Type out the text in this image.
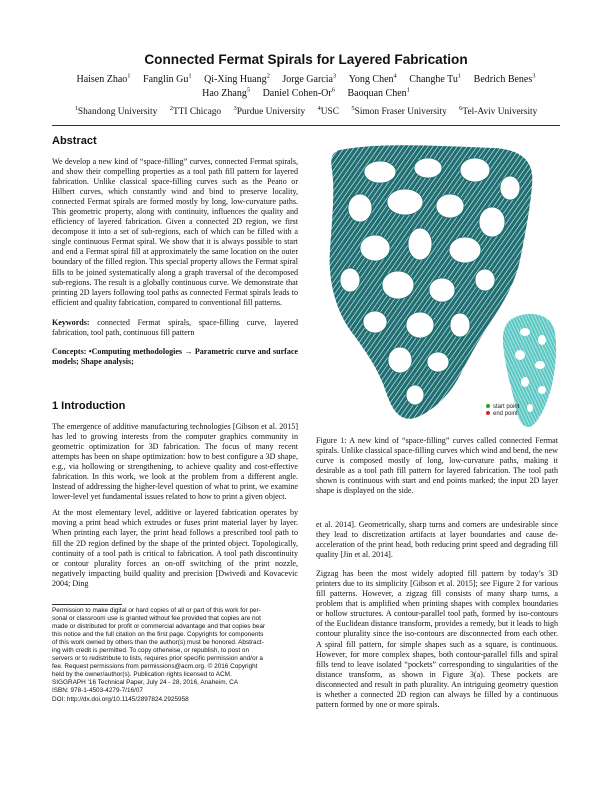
Connected Fermat Spirals for Layered Fabrication
Haisen Zhao$^1$ Fanglin Gu$^1$ Qi-Xing Huang$^2$ Jorge Garcia$^3$ Yong Chen$^4$ Changhe Tu$^1$ Bedrich Benes$^3$ Hao Zhang$^5$ Daniel Cohen-Or$^6$ Baoquan Chen$^1$
$^1$Shandong University $^2$TTI Chicago $^3$Purdue University $^4$USC $^5$Simon Fraser University $^6$Tel-Aviv University
Abstract
We develop a new kind of “space-filling” curves, connected Fermat spirals, and show their compelling properties as a tool path fill pattern for layered fabrication. Unlike classical space-filling curves such as the Peano or Hilbert curves, which constantly wind and bind to preserve locality, connected Fermat spirals are formed mostly by long, low-curvature paths. This geometric property, along with continuity, influences the quality and efficiency of layered fabrication. Given a connected 2D region, we first decompose it into a set of sub-regions, each of which can be filled with a single continuous Fermat spiral. We show that it is always possible to start and end a Fermat spiral fill at approximately the same location on the outer boundary of the filled region. This special property allows the Fermat spiral fills to be joined systematically along a graph traversal of the decomposed sub-regions. The result is a globally continuous curve. We demonstrate that printing 2D layers following tool paths as connected Fermat spirals leads to efficient and quality fabrication, compared to conventional fill patterns.
Keywords: connected Fermat spirals, space-filling curve, layered fabrication, tool path, continuous fill pattern
Concepts: •Computing methodologies → Parametric curve and surface models; Shape analysis;
1 Introduction
The emergence of additive manufacturing technologies [Gibson et al. 2015] has led to growing interests from the computer graphics community in geometric optimization for 3D fabrication. The focus of many recent attempts has been on shape optimization: how to best configure a 3D shape, e.g., via hollowing or strengthening, to achieve quality and cost-effective fabrication. In this work, we look at the problem from a different angle. Instead of addressing the higher-level question of what to print, we examine lower-level yet fundamental issues related to how to print a given object.
At the most elementary level, additive or layered fabrication operates by moving a print head which extrudes or fuses print material layer by layer. When printing each layer, the print head follows a prescribed tool path to fill the 2D region defined by the shape of the printed object. Topologically, continuity of a tool path is critical to fabrication. A tool path discontinuity or contour plurality forces an on-off switching of the print nozzle, negatively impacting build quality and precision [Dwivedi and Kovacevic 2004; Ding
start point
end point
Figure 1: A new kind of “space-filling” curves called connected Fermat spirals. Unlike classical space-filling curves which wind and bend, the new curve is composed mostly of long, low-curvature paths, making it desirable as a tool path fill pattern for layered fabrication. The tool path shown is continuous with start and end points marked; the input 2D layer shape is displayed on the side.
et al. 2014]. Geometrically, sharp turns and corners are undesirable since they lead to discretization artifacts at layer boundaries and cause de-acceleration of the print head, both reducing print speed and degrading fill quality [Jin et al. 2014].
Zigzag has been the most widely adopted fill pattern by today’s 3D printers due to its simplicity [Gibson et al. 2015]; see Figure 2 for various fill patterns. However, a zigzag fill consists of many sharp turns, a problem that is amplified when printing shapes with complex boundaries or hollow structures. A contour-parallel tool path, formed by iso-contours of the Euclidean distance transform, provides a remedy, but it leads to high contour plurality since the iso-contours are disconnected from each other. A spiral fill pattern, for simple shapes such as a square, is continuous. However, for more complex shapes, both contour-parallel fills and spiral fills tend to leave isolated “pockets” corresponding to singularities of the distance transform, as shown in Figure 3(a). These pockets are disconnected and result in path plurality. An intriguing geometry question is whether a connected 2D region can always be filled by a continuous pattern formed by one or more spirals.
Permission to make digital or hard copies of all or part of this work for per-
sonal or classroom use is granted without fee provided that copies are not
made or distributed for profit or commercial advantage and that copies bear
this notice and the full citation on the first page. Copyrights for components
of this work owned by others than the author(s) must be honored. Abstract-
ing with credit is permitted. To copy otherwise, or republish, to post on
servers or to redistribute to lists, requires prior specific permission and/or a
fee. Request permissions from permissions@acm.org. © 2016 Copyright
held by the owner/author(s). Publication rights licensed to ACM.
SIGGRAPH ’16 Technical Paper, July 24 - 28, 2016, Anaheim, CA
ISBN: 978-1-4503-4279-7/16/07
DOI: http://dx.doi.org/10.1145/2897824.2925958
